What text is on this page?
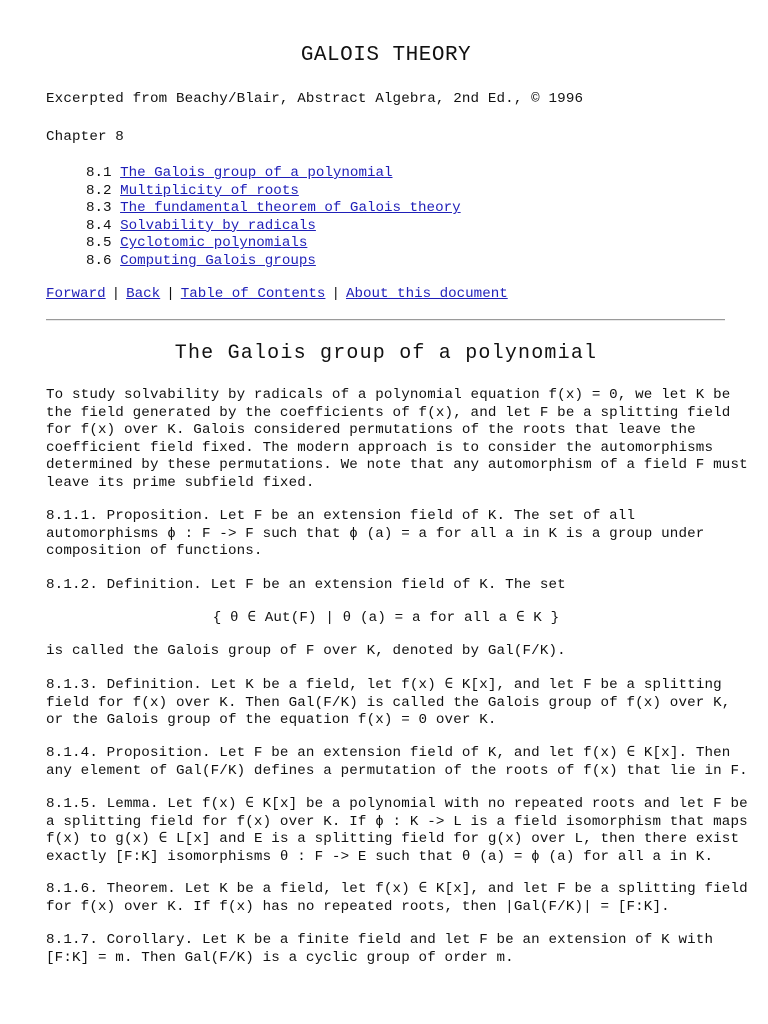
GALOIS THEORY
Excerpted from Beachy/Blair, Abstract Algebra, 2nd Ed., © 1996
Chapter 8
8.1 The Galois group of a polynomial
8.2 Multiplicity of roots
8.3 The fundamental theorem of Galois theory
8.4 Solvability by radicals
8.5 Cyclotomic polynomials
8.6 Computing Galois groups
Forward | Back | Table of Contents | About this document
The Galois group of a polynomial
To study solvability by radicals of a polynomial equation f(x) = 0, we let K be
the field generated by the coefficients of f(x), and let F be a splitting field
for f(x) over K. Galois considered permutations of the roots that leave the
coefficient field fixed. The modern approach is to consider the automorphisms
determined by these permutations. We note that any automorphism of a field F must
leave its prime subfield fixed.
8.1.1. Proposition. Let F be an extension field of K. The set of all
automorphisms ϕ : F -> F such that ϕ (a) = a for all a in K is a group under
composition of functions.
8.1.2. Definition. Let F be an extension field of K. The set
{ θ ∈ Aut(F) | θ (a) = a for all a ∈ K }
is called the Galois group of F over K, denoted by Gal(F/K).
8.1.3. Definition. Let K be a field, let f(x) ∈ K[x], and let F be a splitting
field for f(x) over K. Then Gal(F/K) is called the Galois group of f(x) over K,
or the Galois group of the equation f(x) = 0 over K.
8.1.4. Proposition. Let F be an extension field of K, and let f(x) ∈ K[x]. Then
any element of Gal(F/K) defines a permutation of the roots of f(x) that lie in F.
8.1.5. Lemma. Let f(x) ∈ K[x] be a polynomial with no repeated roots and let F be
a splitting field for f(x) over K. If ϕ : K -> L is a field isomorphism that maps
f(x) to g(x) ∈ L[x] and E is a splitting field for g(x) over L, then there exist
exactly [F:K] isomorphisms θ : F -> E such that θ (a) = ϕ (a) for all a in K.
8.1.6. Theorem. Let K be a field, let f(x) ∈ K[x], and let F be a splitting field
for f(x) over K. If f(x) has no repeated roots, then |Gal(F/K)| = [F:K].
8.1.7. Corollary. Let K be a finite field and let F be an extension of K with
[F:K] = m. Then Gal(F/K) is a cyclic group of order m.
